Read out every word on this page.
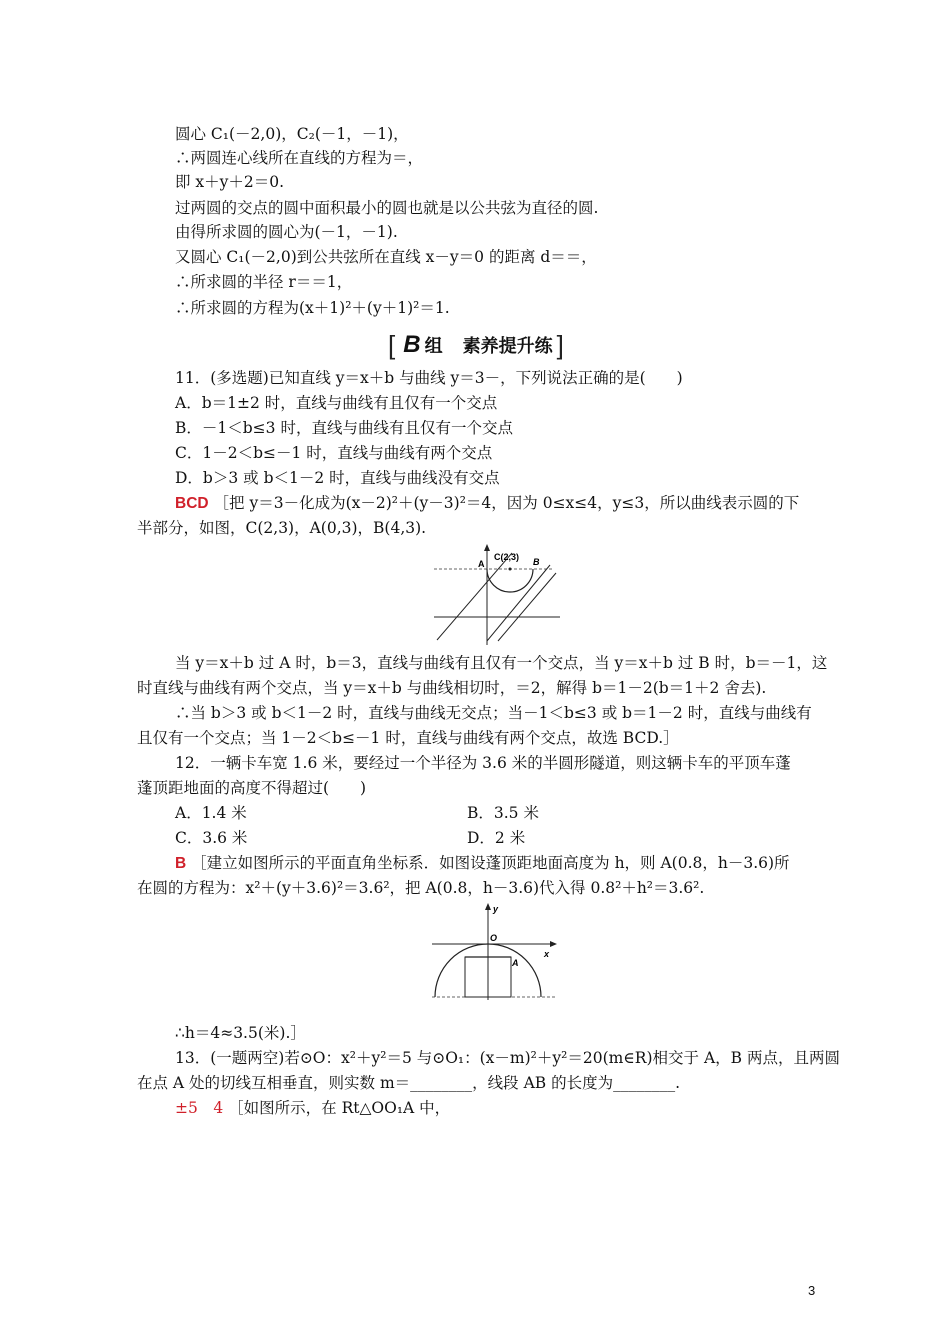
圆心 C₁(－2,0)，C₂(－1，－1)，
∴两圆连心线所在直线的方程为＝，
即 x＋y＋2＝0.
过两圆的交点的圆中面积最小的圆也就是以公共弦为直径的圆.
由得所求圆的圆心为(－1，－1).
又圆心 C₁(－2,0)到公共弦所在直线 x－y＝0 的距离 d＝＝，
∴所求圆的半径 r＝＝1，
∴所求圆的方程为(x＋1)²＋(y＋1)²＝1.
[ B 组 素养提升练 ]
11．(多选题)已知直线 y＝x＋b 与曲线 y＝3－，下列说法正确的是(　　)
A．b＝1±2 时，直线与曲线有且仅有一个交点
B．－1＜b≤3 时，直线与曲线有且仅有一个交点
C．1－2＜b≤－1 时，直线与曲线有两个交点
D．b＞3 或 b＜1－2 时，直线与曲线没有交点
BCD ［把 y＝3－化成为(x－2)²＋(y－3)²＝4，因为 0≤x≤4，y≤3，所以曲线表示圆的下
半部分，如图，C(2,3)，A(0,3)，B(4,3).
A
C(2,3) B
当 y＝x＋b 过 A 时，b＝3，直线与曲线有且仅有一个交点，当 y＝x＋b 过 B 时，b＝－1，这
时直线与曲线有两个交点，当 y＝x＋b 与曲线相切时，＝2，解得 b＝1－2(b＝1＋2 舍去).
∴当 b＞3 或 b＜1－2 时，直线与曲线无交点；当－1＜b≤3 或 b＝1－2 时，直线与曲线有
且仅有一个交点；当 1－2＜b≤－1 时，直线与曲线有两个交点，故选 BCD.］
12．一辆卡车宽 1.6 米，要经过一个半径为 3.6 米的半圆形隧道，则这辆卡车的平顶车蓬
蓬顶距地面的高度不得超过(　　)
A．1.4 米	B．3.5 米
C．3.6 米	D．2 米
B ［建立如图所示的平面直角坐标系．如图设蓬顶距地面高度为 h，则 A(0.8，h－3.6)所
在圆的方程为：x²＋(y＋3.6)²＝3.6²，把 A(0.8，h－3.6)代入得 0.8²＋h²＝3.6².
O
y
x
A
∴h＝4≈3.5(米).］
13．(一题两空)若⊙O：x²＋y²＝5 与⊙O₁：(x－m)²＋y²＝20(m∈R)相交于 A，B 两点，且两圆
在点 A 处的切线互相垂直，则实数 m＝________，线段 AB 的长度为________.
±5　4 ［如图所示，在 Rt△OO₁A 中，
3
